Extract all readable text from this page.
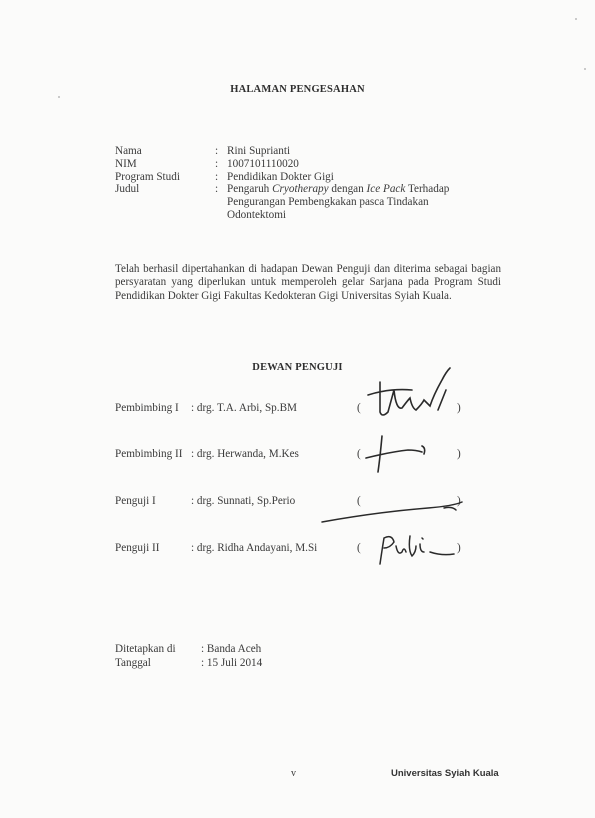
HALAMAN PENGESAHAN
Nama	: Rini Suprianti
NIM	: 1007101110020
Program Studi	: Pendidikan Dokter Gigi
Judul	: Pengaruh Cryotherapy dengan Ice Pack Terhadap
Pengurangan Pembengkakan pasca Tindakan
Odontektomi
Telah berhasil dipertahankan di hadapan Dewan Penguji dan diterima sebagai bagian persyaratan yang diperlukan untuk memperoleh gelar Sarjana pada Program Studi Pendidikan Dokter Gigi Fakultas Kedokteran Gigi Universitas Syiah Kuala.
DEWAN PENGUJI
Pembimbing I	: drg. T.A. Arbi, Sp.BM	(	)
Pembimbing II : drg. Herwanda, M.Kes	(	)
Penguji I	: drg. Sunnati, Sp.Perio	(	)
Penguji II	: drg. Ridha Andayani, M.Si	(	)
Ditetapkan di	: Banda Aceh
Tanggal	: 15 Juli 2014
v	Universitas Syiah Kuala
